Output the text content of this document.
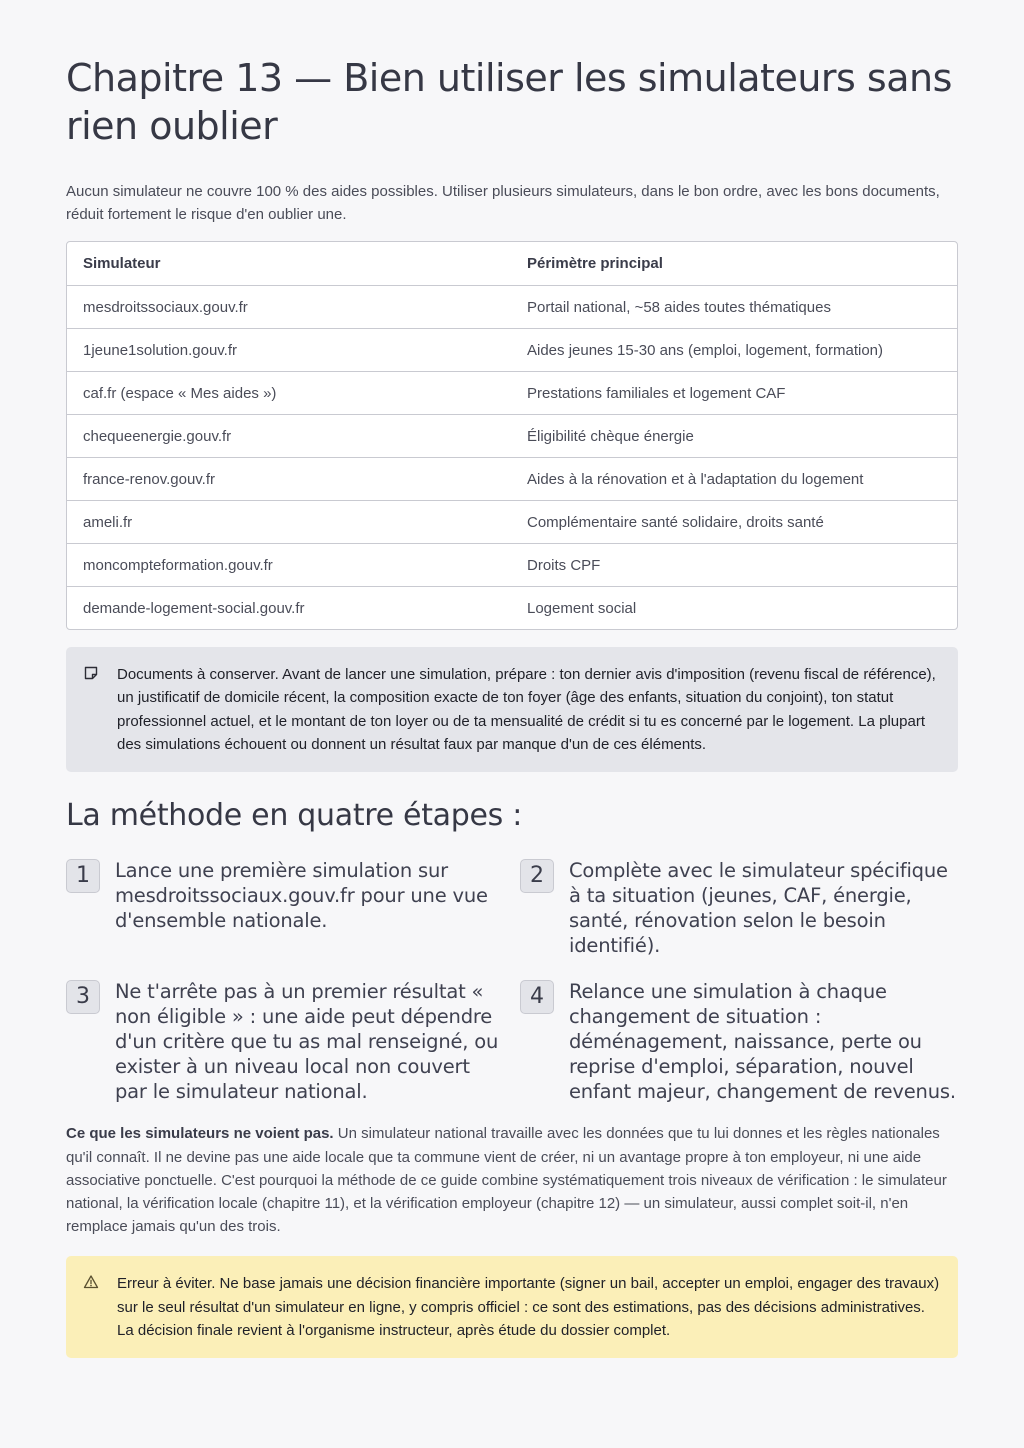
Chapitre 13 — Bien utiliser les simulateurs sans rien oublier
Aucun simulateur ne couvre 100 % des aides possibles. Utiliser plusieurs simulateurs, dans le bon ordre, avec les bons documents, réduit fortement le risque d'en oublier une.
Simulateur	Périmètre principal
mesdroitssociaux.gouv.fr	Portail national, ~58 aides toutes thématiques
1jeune1solution.gouv.fr	Aides jeunes 15-30 ans (emploi, logement, formation)
caf.fr (espace « Mes aides »)	Prestations familiales et logement CAF
chequeenergie.gouv.fr	Éligibilité chèque énergie
france-renov.gouv.fr	Aides à la rénovation et à l'adaptation du logement
ameli.fr	Complémentaire santé solidaire, droits santé
moncompteformation.gouv.fr	Droits CPF
demande-logement-social.gouv.fr	Logement social
Documents à conserver. Avant de lancer une simulation, prépare : ton dernier avis d'imposition (revenu fiscal de référence), un justificatif de domicile récent, la composition exacte de ton foyer (âge des enfants, situation du conjoint), ton statut professionnel actuel, et le montant de ton loyer ou de ta mensualité de crédit si tu es concerné par le logement. La plupart des simulations échouent ou donnent un résultat faux par manque d'un de ces éléments.
La méthode en quatre étapes :
1	Lance une première simulation sur mesdroitssociaux.gouv.fr pour une vue d'ensemble nationale.
2	Complète avec le simulateur spécifique à ta situation (jeunes, CAF, énergie, santé, rénovation selon le besoin identifié).
3	Ne t'arrête pas à un premier résultat « non éligible » : une aide peut dépendre d'un critère que tu as mal renseigné, ou exister à un niveau local non couvert par le simulateur national.
4	Relance une simulation à chaque changement de situation : déménagement, naissance, perte ou reprise d'emploi, séparation, nouvel enfant majeur, changement de revenus.
Ce que les simulateurs ne voient pas. Un simulateur national travaille avec les données que tu lui donnes et les règles nationales qu'il connaît. Il ne devine pas une aide locale que ta commune vient de créer, ni un avantage propre à ton employeur, ni une aide associative ponctuelle. C'est pourquoi la méthode de ce guide combine systématiquement trois niveaux de vérification : le simulateur national, la vérification locale (chapitre 11), et la vérification employeur (chapitre 12) — un simulateur, aussi complet soit-il, n'en remplace jamais qu'un des trois.
Erreur à éviter. Ne base jamais une décision financière importante (signer un bail, accepter un emploi, engager des travaux) sur le seul résultat d'un simulateur en ligne, y compris officiel : ce sont des estimations, pas des décisions administratives. La décision finale revient à l'organisme instructeur, après étude du dossier complet.
